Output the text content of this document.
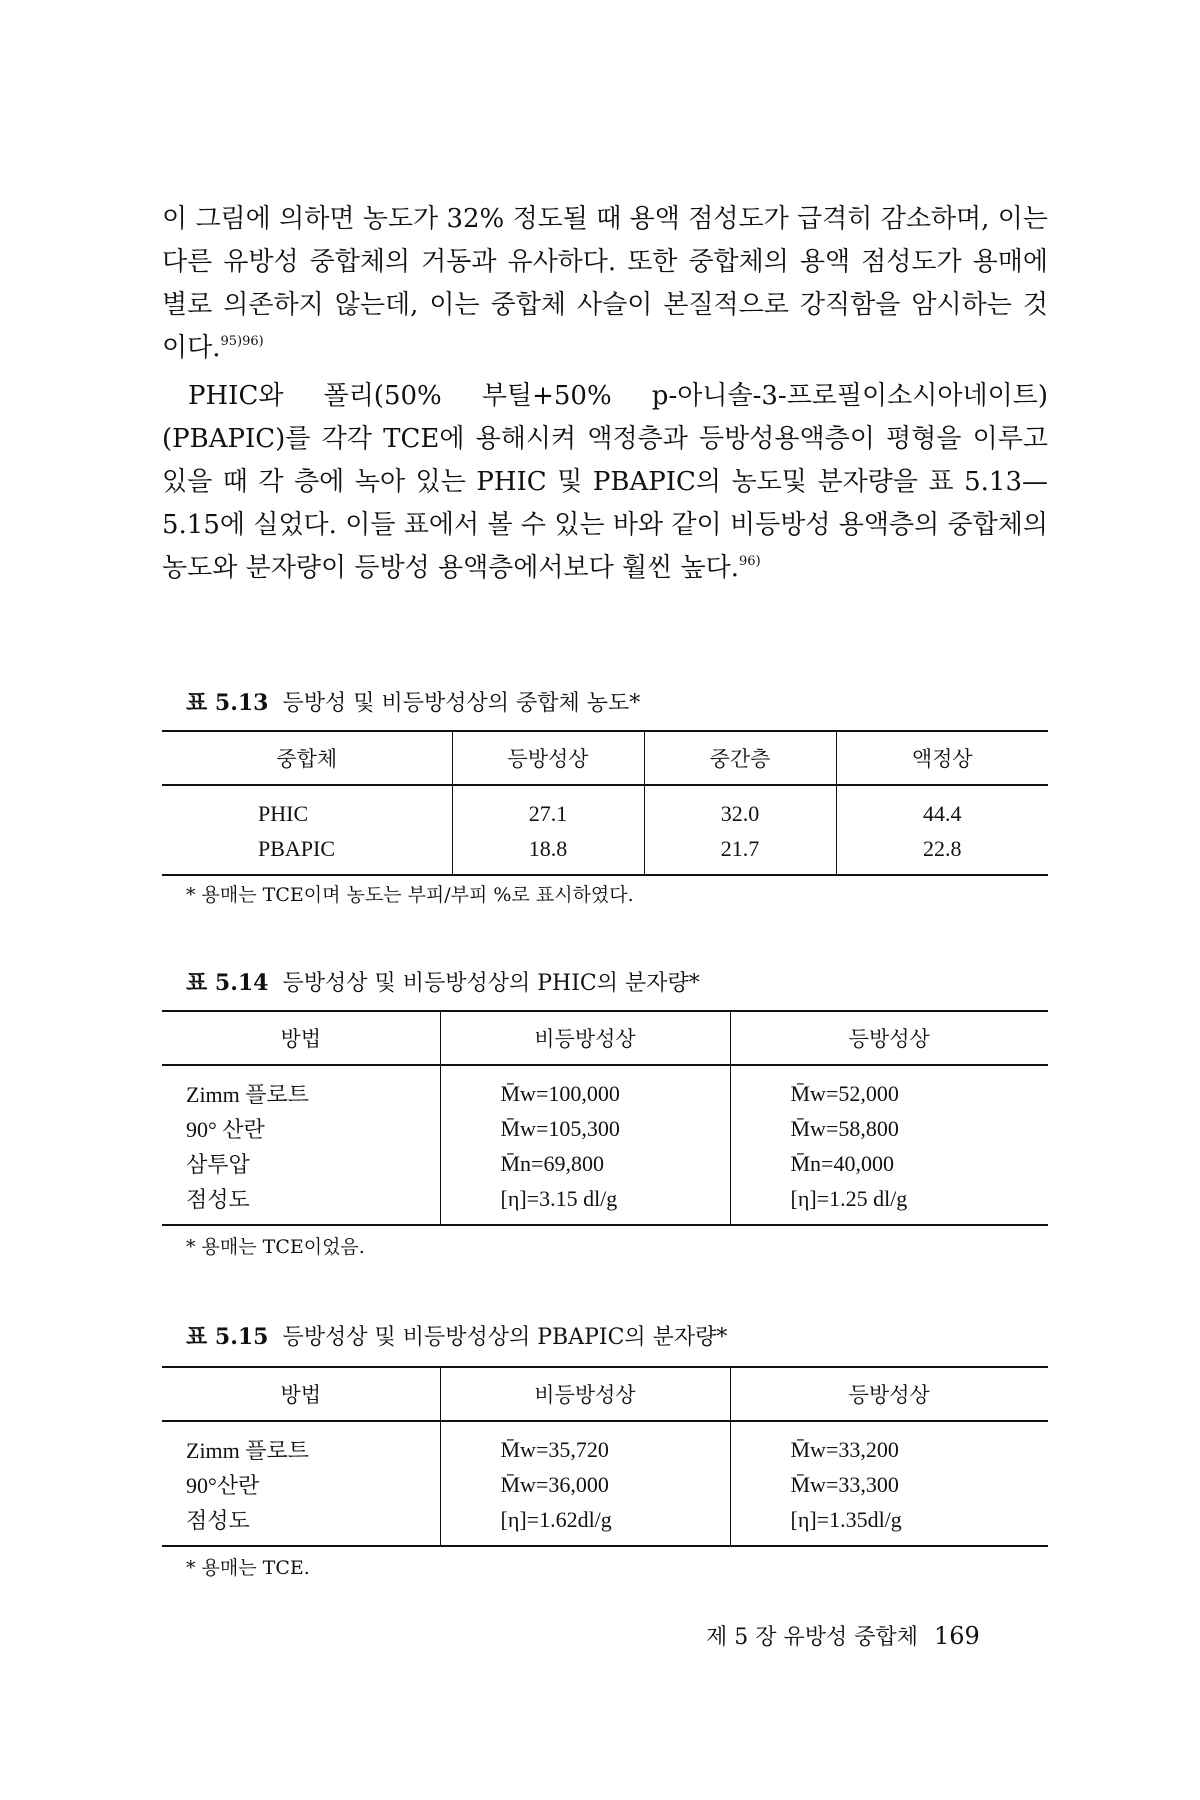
이 그림에 의하면 농도가 32% 정도될 때 용액 점성도가 급격히 감소하며, 이는 다른 유방성 중합체의 거동과 유사하다. 또한 중합체의 용액 점성도가 용매에 별로 의존하지 않는데, 이는 중합체 사슬이 본질적으로 강직함을 암시하는 것이다.$^{95)96)}$

PHIC와 폴리(50% 부틸+50% p-아니솔-3-프로필이소시아네이트)(PBAPIC)를 각각 TCE에 용해시켜 액정층과 등방성용액층이 평형을 이루고 있을 때 각 층에 녹아 있는 PHIC 및 PBAPIC의 농도및 분자량을 표 5.13—5.15에 실었다. 이들 표에서 볼 수 있는 바와 같이 비등방성 용액층의 중합체의 농도와 분자량이 등방성 용액층에서보다 훨씬 높다.$^{96)}$

표 5.13 등방성 및 비등방성상의 중합체 농도*
중합체	등방성상	중간층	액정상
PHIC	27.1	32.0	44.4
PBAPIC	18.8	21.7	22.8
* 용매는 TCE이며 농도는 부피/부피 %로 표시하였다.
표 5.14 등방성상 및 비등방성상의 PHIC의 분자량*
방법	비등방성상	등방성상
Zimm 플로트	M̄w=100,000	M̄w=52,000
90° 산란	M̄w=105,300	M̄w=58,800
삼투압	M̄n=69,800	M̄n=40,000
점성도	[η]=3.15 dl/g	[η]=1.25 dl/g
* 용매는 TCE이었음.
표 5.15 등방성상 및 비등방성상의 PBAPIC의 분자량*
방법	비등방성상	등방성상
Zimm 플로트	M̄w=35,720	M̄w=33,200
90°산란	M̄w=36,000	M̄w=33,300
점성도	[η]=1.62dl/g	[η]=1.35dl/g
* 용매는 TCE.
제 5 장 유방성 중합체 169
